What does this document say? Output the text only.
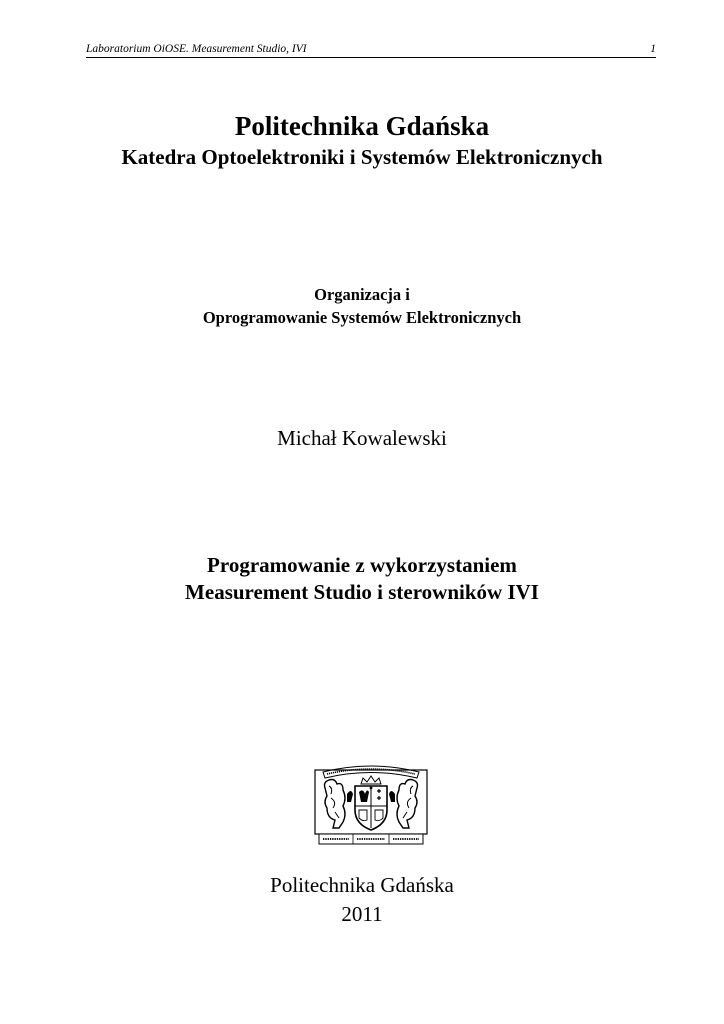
Laboratorium OiOSE. Measurement Studio, IVI	1
Politechnika Gdańska
Katedra Optoelektroniki i Systemów Elektronicznych
Organizacja i
Oprogramowanie Systemów Elektronicznych
Michał Kowalewski
Programowanie z wykorzystaniem
Measurement Studio i sterowników IVI
Politechnika Gdańska
2011
